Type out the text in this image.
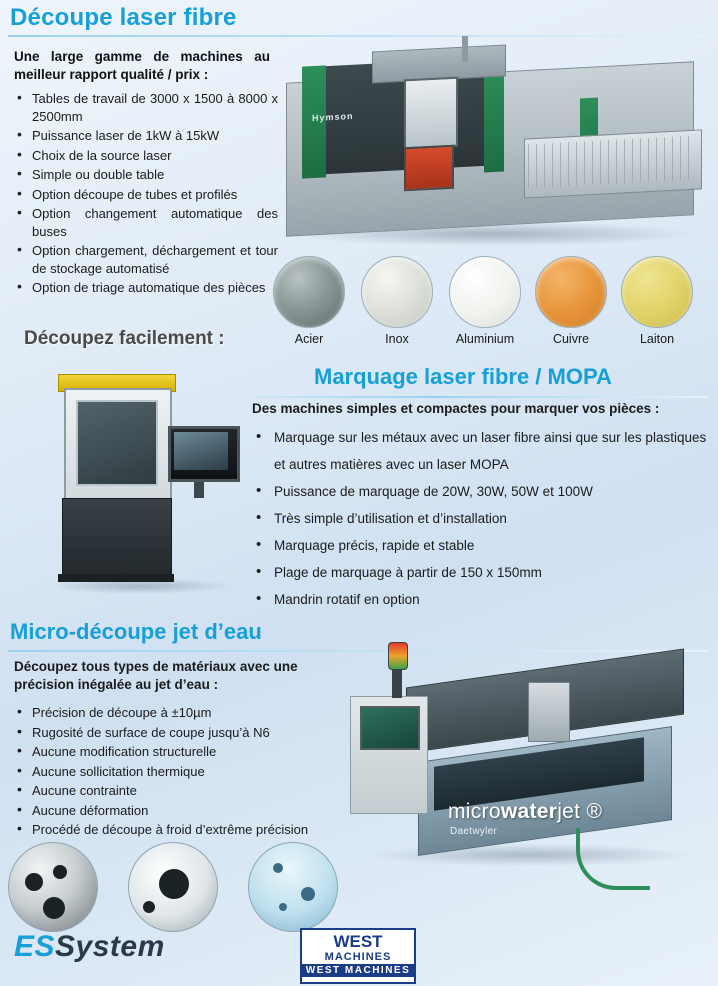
Découpe laser fibre
Une large gamme de machines au meilleur rapport qualité / prix :
• Tables de travail de 3000 x 1500 à 8000 x 2500mm
• Puissance laser de 1kW à 15kW
• Choix de la source laser
• Simple ou double table
• Option découpe de tubes et profilés
• Option changement automatique des buses
• Option chargement, déchargement et tour de stockage automatisé
• Option de triage automatique des pièces
Hymson
Acier	Inox	Aluminium	Cuivre	Laiton
Découpez facilement :
Marquage laser fibre / MOPA
Des machines simples et compactes pour marquer vos pièces :
• Marquage sur les métaux avec un laser fibre ainsi que sur les plastiques et autres matières avec un laser MOPA
• Puissance de marquage de 20W, 30W, 50W et 100W
• Très simple d’utilisation et d’installation
• Marquage précis, rapide et stable
• Plage de marquage à partir de 150 x 150mm
• Mandrin rotatif en option
Micro-découpe jet d’eau
Découpez tous types de matériaux avec une précision inégalée au jet d’eau :
• Précision de découpe à ±10µm
• Rugosité de surface de coupe jusqu’à N6
• Aucune modification structurelle
• Aucune sollicitation thermique
• Aucune contrainte
• Aucune déformation
• Procédé de découpe à froid d’extrême précision
microwaterjet ®
Daetwyler
ESSystem	WEST
MACHINES
WEST MACHINES
